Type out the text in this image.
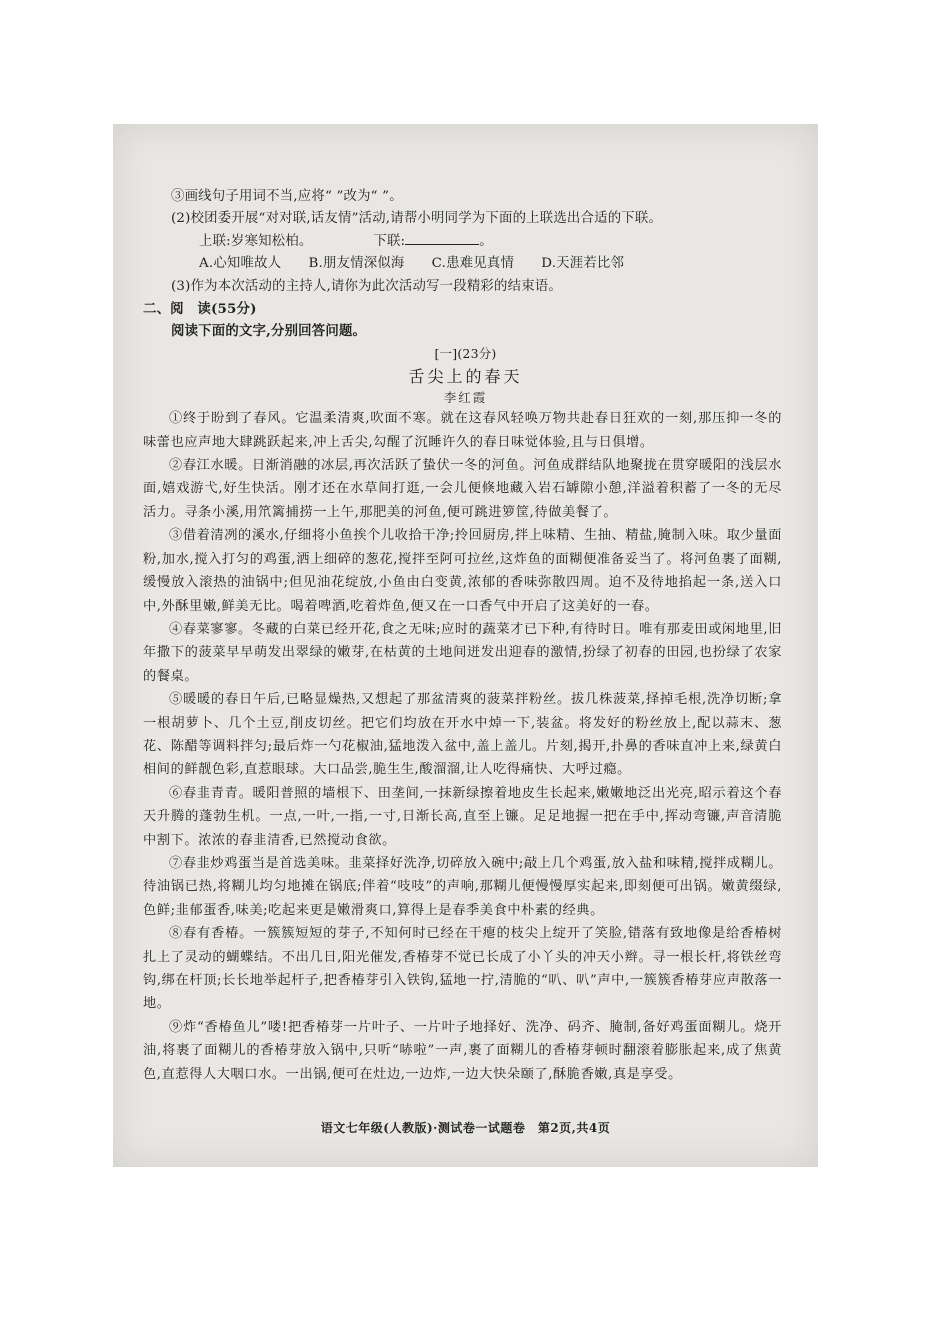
③画线句子用词不当,应将“ ”改为“ ”。
(2)校团委开展“对对联,话友情”活动,请帮小明同学为下面的上联选出合适的下联。
上联:岁寒知松柏。	下联:	。
A.心知唯故人　　B.朋友情深似海　　C.患难见真情　　D.天涯若比邻
(3)作为本次活动的主持人,请你为此次活动写一段精彩的结束语。
二、阅　读(55分)
阅读下面的文字,分别回答问题。
[一](23分)
舌尖上的春天
李红霞

①终于盼到了春风。它温柔清爽,吹面不寒。就在这春风轻唤万物共赴春日狂欢的一刻,那压抑一冬的味蕾也应声地大肆跳跃起来,冲上舌尖,勾醒了沉睡许久的春日味觉体验,且与日俱增。

②春江水暖。日渐消融的冰层,再次活跃了蛰伏一冬的河鱼。河鱼成群结队地聚拢在贯穿暖阳的浅层水面,嬉戏游弋,好生快活。刚才还在水草间打逛,一会儿便倏地藏入岩石罅隙小憩,洋溢着积蓄了一冬的无尽活力。寻条小溪,用笊篱捕捞一上午,那肥美的河鱼,便可跳进箩筐,待做美餐了。

③借着清冽的溪水,仔细将小鱼挨个儿收拾干净;拎回厨房,拌上味精、生抽、精盐,腌制入味。取少量面粉,加水,搅入打匀的鸡蛋,洒上细碎的葱花,搅拌至阿可拉丝,这炸鱼的面糊便准备妥当了。将河鱼裹了面糊,缓慢放入滚热的油锅中;但见油花绽放,小鱼由白变黄,浓郁的香味弥散四周。迫不及待地掐起一条,送入口中,外酥里嫩,鲜美无比。喝着啤酒,吃着炸鱼,便又在一口香气中开启了这美好的一春。

④春菜寥寥。冬藏的白菜已经开花,食之无味;应时的蔬菜才已下种,有待时日。唯有那麦田或闲地里,旧年撒下的菠菜早早萌发出翠绿的嫩芽,在枯黄的土地间迸发出迎春的激情,扮绿了初春的田园,也扮绿了农家的餐桌。

⑤暖暖的春日午后,已略显燥热,又想起了那盆清爽的菠菜拌粉丝。拔几株菠菜,择掉毛根,洗净切断;拿一根胡萝卜、几个土豆,削皮切丝。把它们均放在开水中焯一下,装盆。将发好的粉丝放上,配以蒜末、葱花、陈醋等调料拌匀;最后炸一勺花椒油,猛地泼入盆中,盖上盖儿。片刻,揭开,扑鼻的香味直冲上来,绿黄白相间的鲜靓色彩,直惹眼球。大口品尝,脆生生,酸溜溜,让人吃得痛快、大呼过瘾。

⑥春韭青青。暖阳普照的墙根下、田垄间,一抹新绿擦着地皮生长起来,嫩嫩地泛出光亮,昭示着这个春天升腾的蓬勃生机。一点,一叶,一指,一寸,日渐长高,直至上镰。足足地握一把在手中,挥动弯镰,声音清脆中割下。浓浓的春韭清香,已然搅动食欲。

⑦春韭炒鸡蛋当是首选美味。韭菜择好洗净,切碎放入碗中;敲上几个鸡蛋,放入盐和味精,搅拌成糊儿。待油锅已热,将糊儿均匀地摊在锅底;伴着“吱吱”的声响,那糊儿便慢慢厚实起来,即刻便可出锅。嫩黄缀绿,色鲜;韭郁蛋香,味美;吃起来更是嫩滑爽口,算得上是春季美食中朴素的经典。

⑧春有香椿。一簇簇短短的芽子,不知何时已经在干瘪的枝尖上绽开了笑脸,错落有致地像是给香椿树扎上了灵动的蝴蝶结。不出几日,阳光催发,香椿芽不觉已长成了小丫头的冲天小辫。寻一根长杆,将铁丝弯钩,绑在杆顶;长长地举起杆子,把香椿芽引入铁钩,猛地一拧,清脆的“叭、叭”声中,一簇簇香椿芽应声散落一地。

⑨炸“香椿鱼儿”喽!把香椿芽一片叶子、一片叶子地择好、洗净、码齐、腌制,备好鸡蛋面糊儿。烧开油,将裹了面糊儿的香椿芽放入锅中,只听“哧啦”一声,裹了面糊儿的香椿芽顿时翻滚着膨胀起来,成了焦黄色,直惹得人大咽口水。一出锅,便可在灶边,一边炸,一边大快朵颐了,酥脆香嫩,真是享受。

语文七年级(人教版)·测试卷一试题卷　第2页,共4页
